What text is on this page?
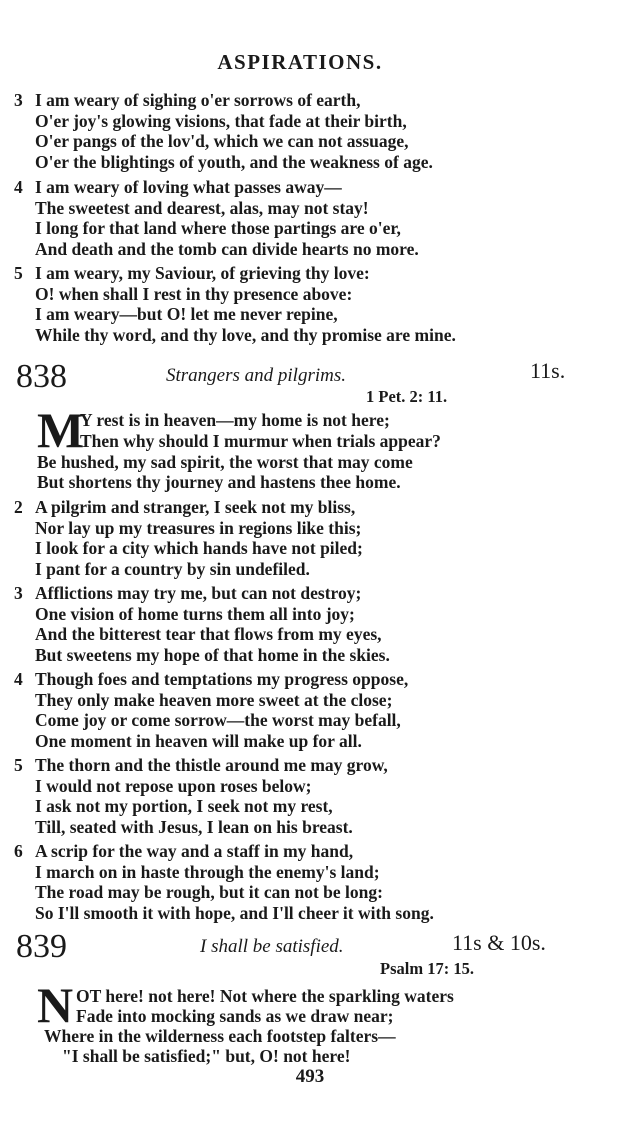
ASPIRATIONS.
3 I am weary of sighing o'er sorrows of earth,
O'er joy's glowing visions, that fade at their birth,
O'er pangs of the lov'd, which we can not assuage,
O'er the blightings of youth, and the weakness of age.
4 I am weary of loving what passes away—
The sweetest and dearest, alas, may not stay!
I long for that land where those partings are o'er,
And death and the tomb can divide hearts no more.
5 I am weary, my Saviour, of grieving thy love:
O! when shall I rest in thy presence above:
I am weary—but O! let me never repine,
While thy word, and thy love, and thy promise are mine.
838	Strangers and pilgrims.	11s.
1 Pet. 2: 11.
M
Y rest is in heaven—my home is not here;
Then why should I murmur when trials appear?
Be hushed, my sad spirit, the worst that may come
But shortens thy journey and hastens thee home.
2 A pilgrim and stranger, I seek not my bliss,
Nor lay up my treasures in regions like this;
I look for a city which hands have not piled;
I pant for a country by sin undefiled.
3 Afflictions may try me, but can not destroy;
One vision of home turns them all into joy;
And the bitterest tear that flows from my eyes,
But sweetens my hope of that home in the skies.
4 Though foes and temptations my progress oppose,
They only make heaven more sweet at the close;
Come joy or come sorrow—the worst may befall,
One moment in heaven will make up for all.
5 The thorn and the thistle around me may grow,
I would not repose upon roses below;
I ask not my portion, I seek not my rest,
Till, seated with Jesus, I lean on his breast.
6 A scrip for the way and a staff in my hand,
I march on in haste through the enemy's land;
The road may be rough, but it can not be long:
So I'll smooth it with hope, and I'll cheer it with song.
839	I shall be satisfied.	11s & 10s.
Psalm 17: 15.
N OT here! not here! Not where the sparkling waters
Fade into mocking sands as we draw near;
Where in the wilderness each footstep falters—
"I shall be satisfied;" but, O! not here!
493
